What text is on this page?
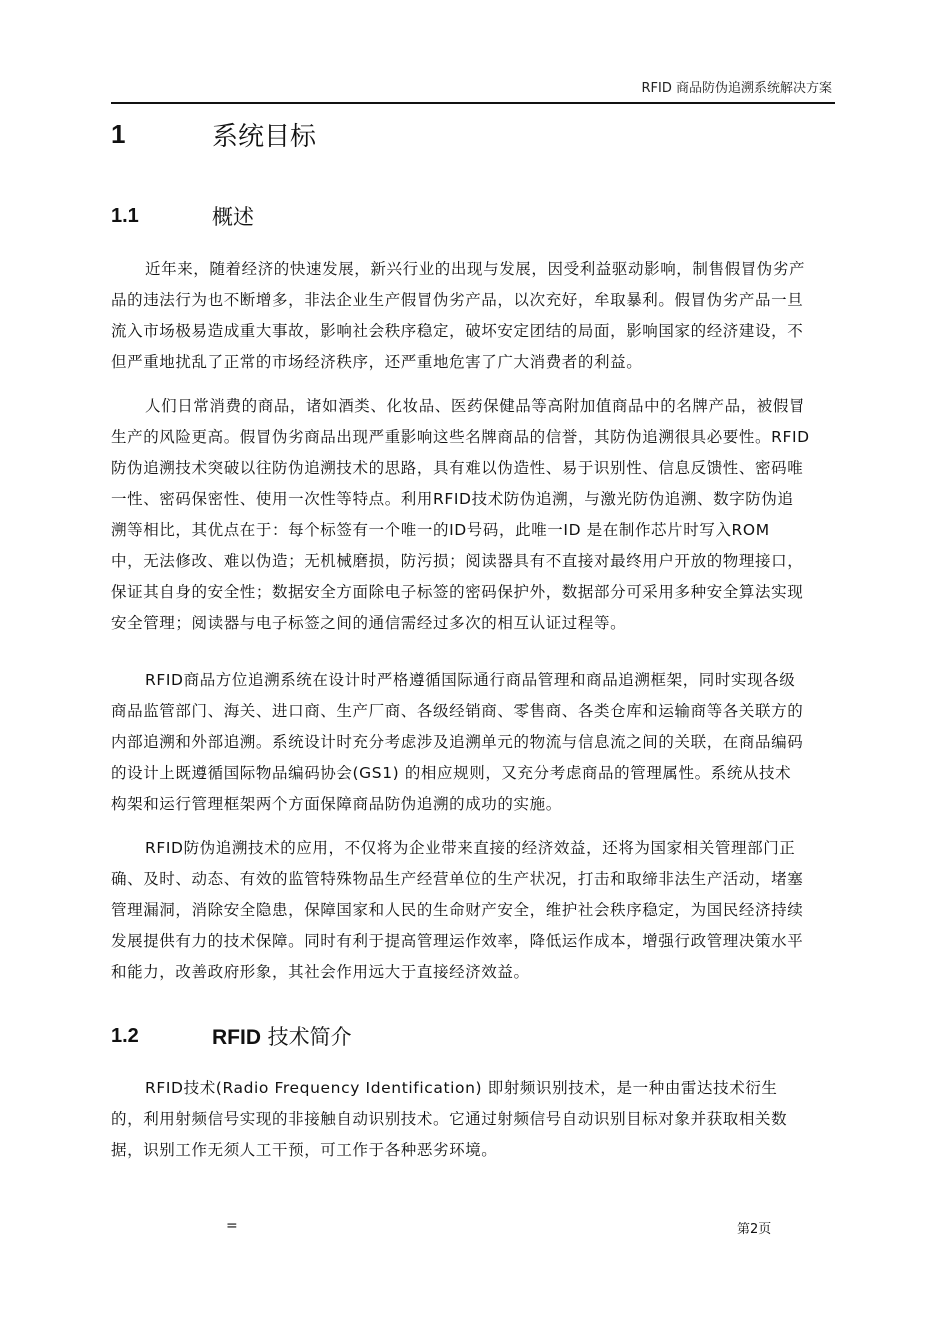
RFID 商品防伪追溯系统解决方案
1	系统目标
1.1	概述
近年来，随着经济的快速发展，新兴行业的出现与发展，因受利益驱动影响，制售假冒伪劣产
品的违法行为也不断增多，非法企业生产假冒伪劣产品，以次充好，牟取暴利。假冒伪劣产品一旦
流入市场极易造成重大事故，影响社会秩序稳定，破坏安定团结的局面，影响国家的经济建设，不
但严重地扰乱了正常的市场经济秩序，还严重地危害了广大消费者的利益。
人们日常消费的商品，诸如酒类、化妆品、医药保健品等高附加值商品中的名牌产品，被假冒
生产的风险更高。假冒伪劣商品出现严重影响这些名牌商品的信誉，其防伪追溯很具必要性。RFID
防伪追溯技术突破以往防伪追溯技术的思路，具有难以伪造性、易于识别性、信息反馈性、密码唯
一性、密码保密性、使用一次性等特点。利用RFID技术防伪追溯，与激光防伪追溯、数字防伪追
溯等相比，其优点在于：每个标签有一个唯一的ID号码，此唯一ID 是在制作芯片时写入ROM
中，无法修改、难以伪造；无机械磨损，防污损；阅读器具有不直接对最终用户开放的物理接口，
保证其自身的安全性；数据安全方面除电子标签的密码保护外，数据部分可采用多种安全算法实现
安全管理；阅读器与电子标签之间的通信需经过多次的相互认证过程等。
RFID商品方位追溯系统在设计时严格遵循国际通行商品管理和商品追溯框架，同时实现各级
商品监管部门、海关、进口商、生产厂商、各级经销商、零售商、各类仓库和运输商等各关联方的
内部追溯和外部追溯。系统设计时充分考虑涉及追溯单元的物流与信息流之间的关联，在商品编码
的设计上既遵循国际物品编码协会(GS1) 的相应规则，又充分考虑商品的管理属性。系统从技术
构架和运行管理框架两个方面保障商品防伪追溯的成功的实施。
RFID防伪追溯技术的应用，不仅将为企业带来直接的经济效益，还将为国家相关管理部门正
确、及时、动态、有效的监管特殊物品生产经营单位的生产状况，打击和取缔非法生产活动，堵塞
管理漏洞，消除安全隐患，保障国家和人民的生命财产安全，维护社会秩序稳定，为国民经济持续
发展提供有力的技术保障。同时有利于提高管理运作效率，降低运作成本，增强行政管理决策水平
和能力，改善政府形象，其社会作用远大于直接经济效益。
1.2	RFID 技术简介
RFID技术(Radio Frequency Identification) 即射频识别技术，是一种由雷达技术衍生
的，利用射频信号实现的非接触自动识别技术。它通过射频信号自动识别目标对象并获取相关数
据，识别工作无须人工干预，可工作于各种恶劣环境。
=	第2页
